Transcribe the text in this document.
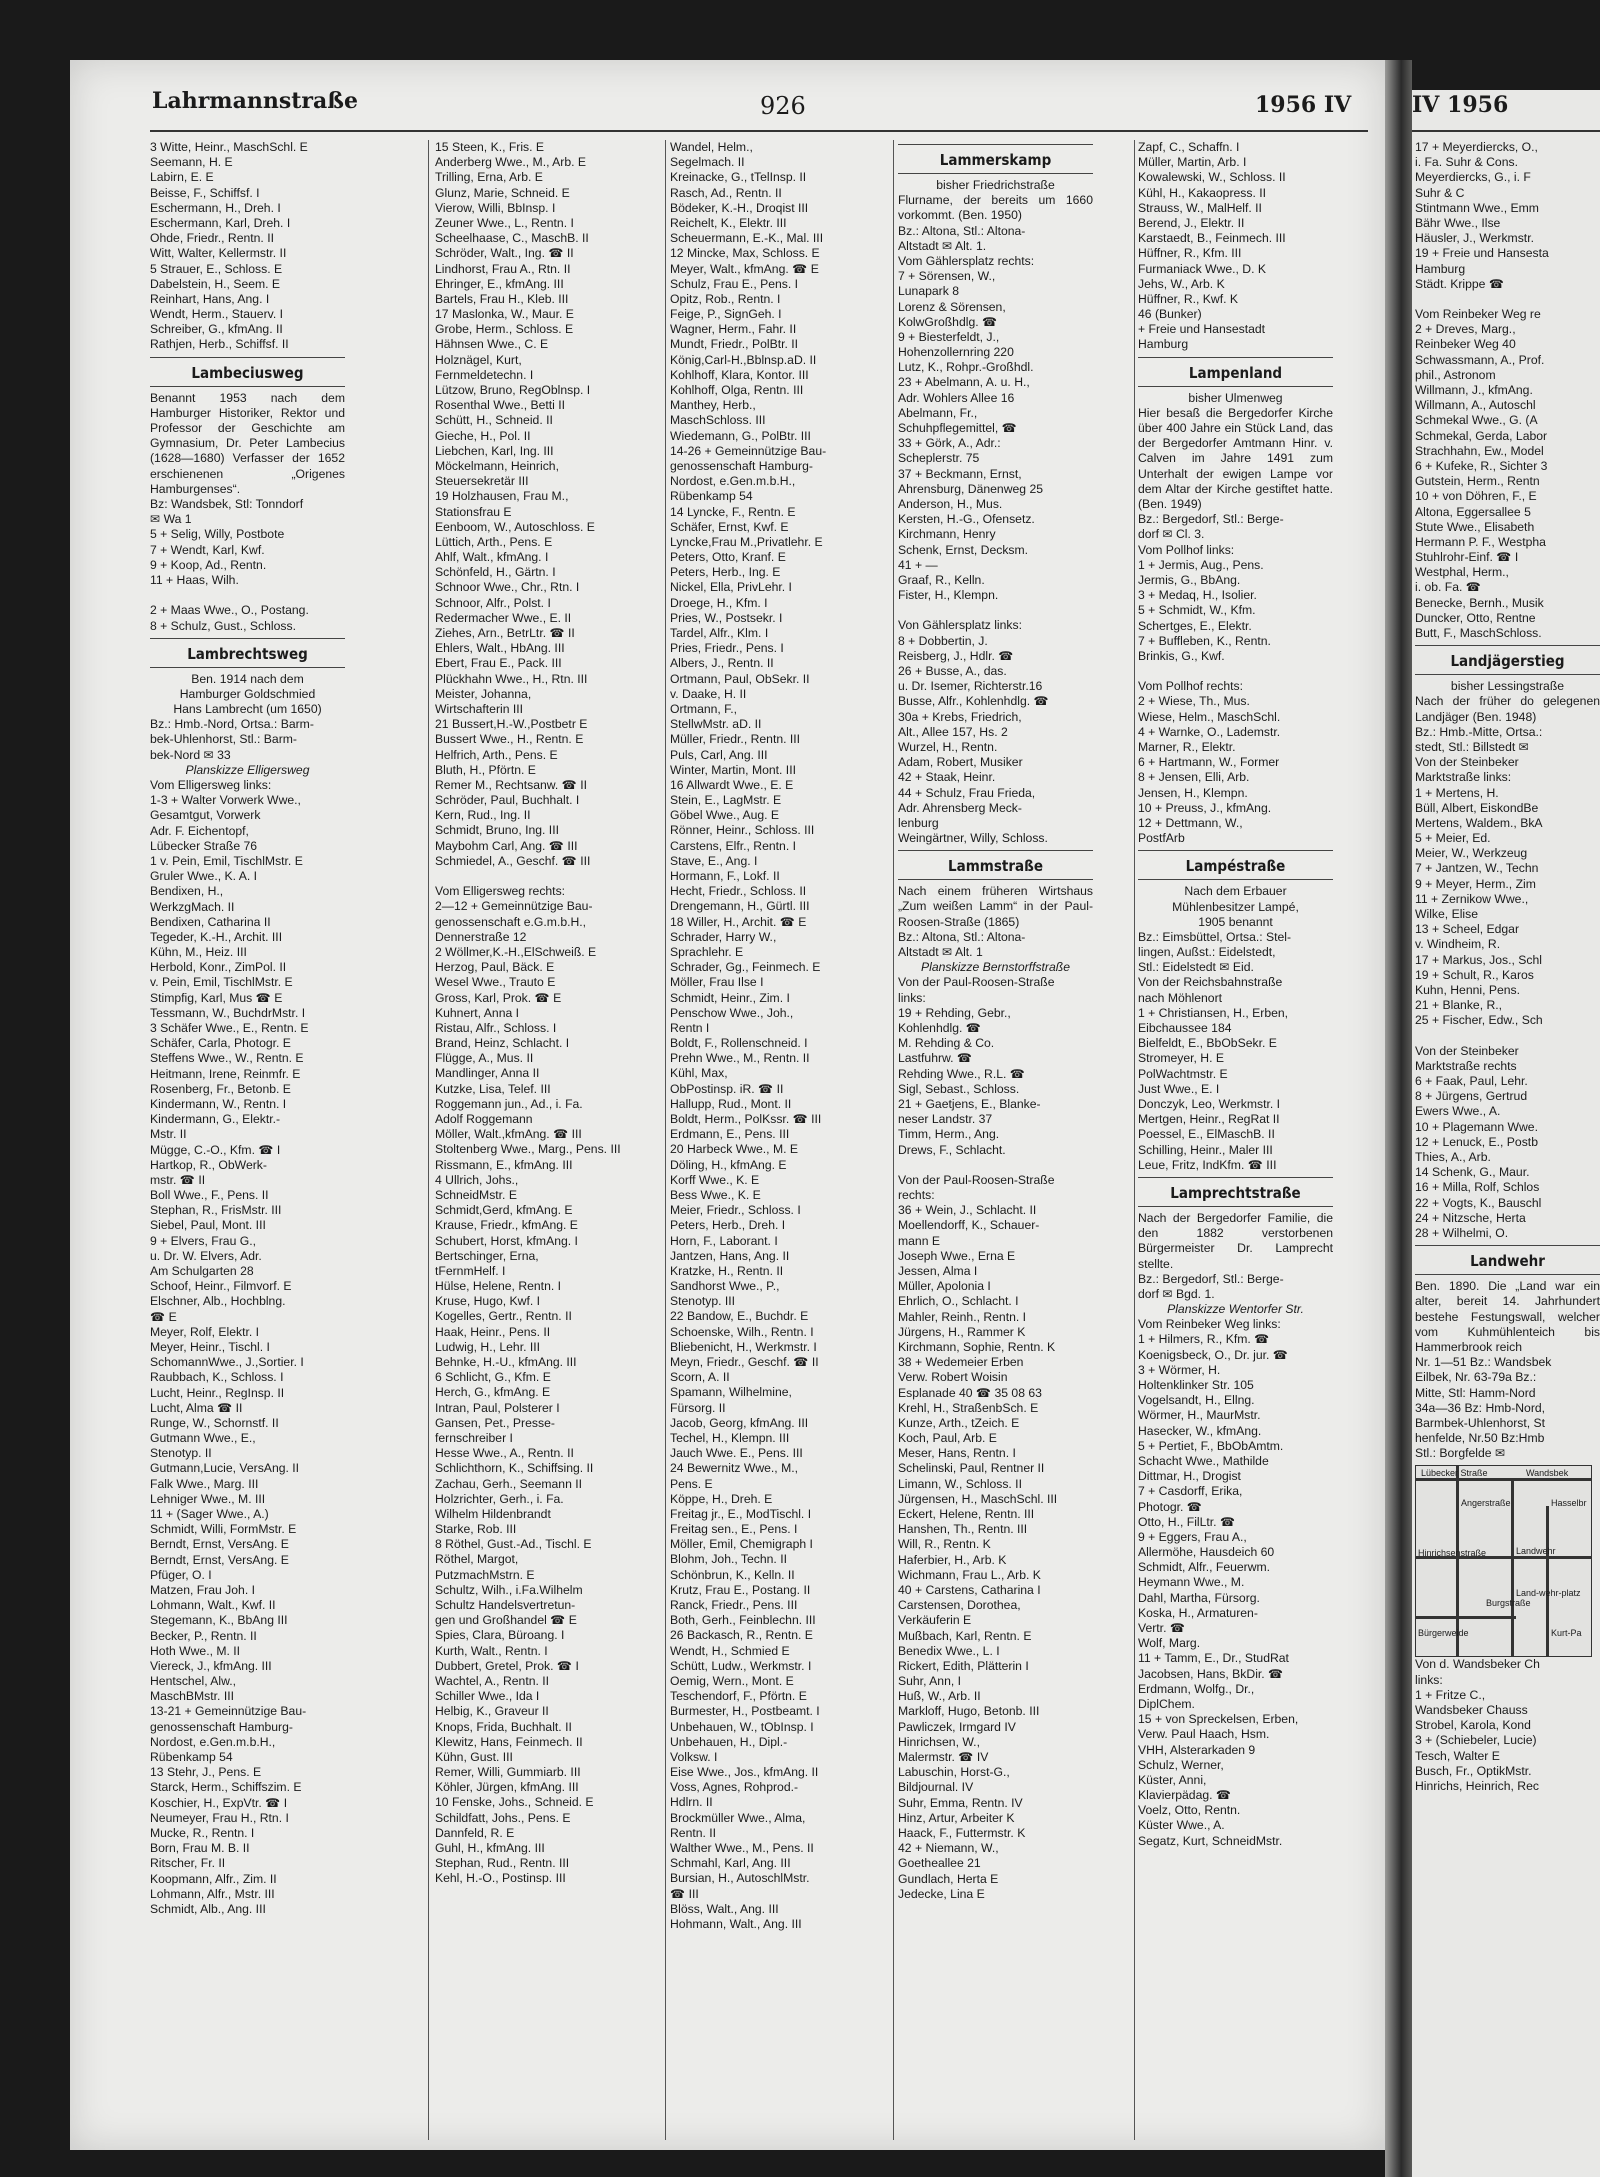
Lahrmannstraße	926	1956 IV	IV 1956
3 Witte, Heinr., MaschSchl. E
Seemann, H. E
Labirn, E. E
Beisse, F., Schiffsf. I
Eschermann, H., Dreh. I
Eschermann, Karl, Dreh. I
Ohde, Friedr., Rentn. II
Witt, Walter, Kellermstr. II
5 Strauer, E., Schloss. E
Dabelstein, H., Seem. E
Reinhart, Hans, Ang. I
Wendt, Herm., Stauerv. I
Schreiber, G., kfmAng. II
Rathjen, Herb., Schiffsf. II
Lambeciusweg
Benannt 1953 nach dem Hamburger Historiker, Rektor und Professor der Geschichte am Gymnasium, Dr. Peter Lambecius (1628—1680) Verfasser der 1652 erschienenen „Origenes Hamburgenses“.
Bz: Wandsbek, Stl: Tonndorf
✉ Wa 1
5 + Selig, Willy, Postbote
7 + Wendt, Karl, Kwf.
9 + Koop, Ad., Rentn.
11 + Haas, Wilh.
2 + Maas Wwe., O., Postang.
8 + Schulz, Gust., Schloss.
Lambrechtsweg
Ben. 1914 nach dem
Hamburger Goldschmied
Hans Lambrecht (um 1650)
Bz.: Hmb.-Nord, Ortsa.: Barm-
bek-Uhlenhorst, Stl.: Barm-
bek-Nord ✉ 33
Planskizze Elligersweg
Vom Elligersweg links:
1-3 + Walter Vorwerk Wwe.,
Gesamtgut, Vorwerk
Adr. F. Eichentopf,
Lübecker Straße 76
1 v. Pein, Emil, TischlMstr. E
Gruler Wwe., K. A. I
Bendixen, H.,
WerkzgMach. II
Bendixen, Catharina II
Tegeder, K.-H., Archit. III
Kühn, M., Heiz. III
Herbold, Konr., ZimPol. II
v. Pein, Emil, TischlMstr. E
Stimpfig, Karl, Mus ☎ E
Tessmann, W., BuchdrMstr. I
3 Schäfer Wwe., E., Rentn. E
Schäfer, Carla, Photogr. E
Steffens Wwe., W., Rentn. E
Heitmann, Irene, Reinmfr. E
Rosenberg, Fr., Betonb. E
Kindermann, W., Rentn. I
Kindermann, G., Elektr.-
Mstr. II
Mügge, C.-O., Kfm. ☎ I
Hartkop, R., ObWerk-
mstr. ☎ II
Boll Wwe., F., Pens. II
Stephan, R., FrisMstr. III
Siebel, Paul, Mont. III
9 + Elvers, Frau G.,
u. Dr. W. Elvers, Adr.
Am Schulgarten 28
Schoof, Heinr., Filmvorf. E
Elschner, Alb., Hochblng.
☎ E
Meyer, Rolf, Elektr. I
Meyer, Heinr., Tischl. I
SchomannWwe., J.,Sortier. I
Raubbach, K., Schloss. I
Lucht, Heinr., RegInsp. II
Lucht, Alma ☎ II
Runge, W., Schornstf. II
Gutmann Wwe., E.,
Stenotyp. II
Gutmann,Lucie, VersAng. II
Falk Wwe., Marg. III
Lehniger Wwe., M. III
11 + (Sager Wwe., A.)
Schmidt, Willi, FormMstr. E
Berndt, Ernst, VersAng. E
Berndt, Ernst, VersAng. E
Pfüger, O. I
Matzen, Frau Joh. I
Lohmann, Walt., Kwf. II
Stegemann, K., BbAng III
Becker, P., Rentn. II
Hoth Wwe., M. II
Viereck, J., kfmAng. III
Hentschel, Alw.,
MaschBMstr. III
13-21 + Gemeinnützige Bau-
genossenschaft Hamburg-
Nordost, e.Gen.m.b.H.,
Rübenkamp 54
13 Stehr, J., Pens. E
Starck, Herm., Schiffszim. E
Koschier, H., ExpVtr. ☎ I
Neumeyer, Frau H., Rtn. I
Mucke, R., Rentn. I
Born, Frau M. B. II
Ritscher, Fr. II
Koopmann, Alfr., Zim. II
Lohmann, Alfr., Mstr. III
Schmidt, Alb., Ang. III
15 Steen, K., Fris. E
Anderberg Wwe., M., Arb. E
Trilling, Erna, Arb. E
Glunz, Marie, Schneid. E
Vierow, Willi, BbInsp. I
Zeuner Wwe., L., Rentn. I
Scheelhaase, C., MaschB. II
Schröder, Walt., Ing. ☎ II
Lindhorst, Frau A., Rtn. II
Ehringer, E., kfmAng. III
Bartels, Frau H., Kleb. III
17 Maslonka, W., Maur. E
Grobe, Herm., Schloss. E
Hähnsen Wwe., C. E
Holznägel, Kurt,
Fernmeldetechn. I
Lützow, Bruno, RegOblnsp. I
Rosenthal Wwe., Betti II
Schütt, H., Schneid. II
Gieche, H., Pol. II
Liebchen, Karl, Ing. III
Möckelmann, Heinrich,
Steuersekretär III
19 Holzhausen, Frau M.,
Stationsfrau E
Eenboom, W., Autoschloss. E
Lüttich, Arth., Pens. E
Ahlf, Walt., kfmAng. I
Schönfeld, H., Gärtn. I
Schnoor Wwe., Chr., Rtn. I
Schnoor, Alfr., Polst. I
Redermacher Wwe., E. II
Ziehes, Arn., BetrLtr. ☎ II
Ehlers, Walt., HbAng. III
Ebert, Frau E., Pack. III
Plückhahn Wwe., H., Rtn. III
Meister, Johanna,
Wirtschafterin III
21 Bussert,H.-W.,Postbetr E
Bussert Wwe., H., Rentn. E
Helfrich, Arth., Pens. E
Bluth, H., Pförtn. E
Remer M., Rechtsanw. ☎ II
Schröder, Paul, Buchhalt. I
Kern, Rud., Ing. II
Schmidt, Bruno, Ing. III
Maybohm Carl, Ang. ☎ III
Schmiedel, A., Geschf. ☎ III
Vom Elligersweg rechts:
2—12 + Gemeinnützige Bau-
genossenschaft e.G.m.b.H.,
Dennerstraße 12
2 Wöllmer,K.-H.,ElSchweiß. E
Herzog, Paul, Bäck. E
Wesel Wwe., Trauto E
Gross, Karl, Prok. ☎ E
Kuhnert, Anna I
Ristau, Alfr., Schloss. I
Brand, Heinz, Schlacht. I
Flügge, A., Mus. II
Mandlinger, Anna II
Kutzke, Lisa, Telef. III
Roggemann jun., Ad., i. Fa.
Adolf Roggemann
Möller, Walt.,kfmAng. ☎ III
Stoltenberg Wwe., Marg., Pens. III
Rissmann, E., kfmAng. III
4 Ullrich, Johs.,
SchneidMstr. E
Schmidt,Gerd, kfmAng. E
Krause, Friedr., kfmAng. E
Schubert, Horst, kfmAng. I
Bertschinger, Erna,
tFernmHelf. I
Hülse, Helene, Rentn. I
Kruse, Hugo, Kwf. I
Kogelles, Gertr., Rentn. II
Haak, Heinr., Pens. II
Ludwig, H., Lehr. III
Behnke, H.-U., kfmAng. III
6 Schlicht, G., Kfm. E
Herch, G., kfmAng. E
Intran, Paul, Polsterer I
Gansen, Pet., Presse-
fernschreiber I
Hesse Wwe., A., Rentn. II
Schlichthorn, K., Schiffsing. II
Zachau, Gerh., Seemann II
Holzrichter, Gerh., i. Fa.
Wilhelm Hildenbrandt
Starke, Rob. III
8 Röthel, Gust.-Ad., Tischl. E
Röthel, Margot,
PutzmachMstrn. E
Schultz, Wilh., i.Fa.Wilhelm
Schultz Handelsvertretun-
gen und Großhandel ☎ E
Spies, Clara, Büroang. I
Kurth, Walt., Rentn. I
Dubbert, Gretel, Prok. ☎ I
Wachtel, A., Rentn. II
Schiller Wwe., Ida I
Helbig, K., Graveur II
Knops, Frida, Buchhalt. II
Klewitz, Hans, Feinmech. II
Kühn, Gust. III
Remer, Willi, Gummiarb. III
Köhler, Jürgen, kfmAng. III
10 Fenske, Johs., Schneid. E
Schildfatt, Johs., Pens. E
Dannfeld, R. E
Guhl, H., kfmAng. III
Stephan, Rud., Rentn. III
Kehl, H.-O., Postinsp. III
Wandel, Helm.,
Segelmach. II
Kreinacke, G., tTelInsp. II
Rasch, Ad., Rentn. II
Bödeker, K.-H., Droqist III
Reichelt, K., Elektr. III
Scheuermann, E.-K., Mal. III
12 Mincke, Max, Schloss. E
Meyer, Walt., kfmAng. ☎ E
Schulz, Frau E., Pens. I
Opitz, Rob., Rentn. I
Feige, P., SignGeh. I
Wagner, Herm., Fahr. II
Mundt, Friedr., PolBtr. II
König,Carl-H.,Bblnsp.aD. II
Kohlhoff, Klara, Kontor. III
Kohlhoff, Olga, Rentn. III
Manthey, Herb.,
MaschSchloss. III
Wiedemann, G., PolBtr. III
14-26 + Gemeinnützige Bau-
genossenschaft Hamburg-
Nordost, e.Gen.m.b.H.,
Rübenkamp 54
14 Lyncke, F., Rentn. E
Schäfer, Ernst, Kwf. E
Lyncke,Frau M.,Privatlehr. E
Peters, Otto, Kranf. E
Peters, Herb., Ing. E
Nickel, Ella, PrivLehr. I
Droege, H., Kfm. I
Pries, W., Postsekr. I
Tardel, Alfr., Klm. I
Pries, Friedr., Pens. I
Albers, J., Rentn. II
Ortmann, Paul, ObSekr. II
v. Daake, H. II
Ortmann, F.,
StellwMstr. aD. II
Müller, Friedr., Rentn. III
Puls, Carl, Ang. III
Winter, Martin, Mont. III
16 Allwardt Wwe., E. E
Stein, E., LagMstr. E
Göbel Wwe., Aug. E
Rönner, Heinr., Schloss. III
Carstens, Elfr., Rentn. I
Stave, E., Ang. I
Hormann, F., Lokf. II
Hecht, Friedr., Schloss. II
Drengemann, H., Gürtl. III
18 Willer, H., Archit. ☎ E
Schrader, Harry W.,
Sprachlehr. E
Schrader, Gg., Feinmech. E
Möller, Frau Ilse I
Schmidt, Heinr., Zim. I
Penschow Wwe., Joh.,
Rentn I
Boldt, F., Rollenschneid. I
Prehn Wwe., M., Rentn. II
Kühl, Max,
ObPostinsp. iR. ☎ II
Hallupp, Rud., Mont. II
Boldt, Herm., PolKssr. ☎ III
Erdmann, E., Pens. III
20 Harbeck Wwe., M. E
Döling, H., kfmAng. E
Korff Wwe., K. E
Bess Wwe., K. E
Meier, Friedr., Schloss. I
Peters, Herb., Dreh. I
Horn, F., Laborant. I
Jantzen, Hans, Ang. II
Kratzke, H., Rentn. II
Sandhorst Wwe., P.,
Stenotyp. III
22 Bandow, E., Buchdr. E
Schoenske, Wilh., Rentn. I
Bliebenicht, H., Werkmstr. I
Meyn, Friedr., Geschf. ☎ II
Scorn, A. II
Spamann, Wilhelmine,
Fürsorg. II
Jacob, Georg, kfmAng. III
Techel, H., Klempn. III
Jauch Wwe. E., Pens. III
24 Bewernitz Wwe., M.,
Pens. E
Köppe, H., Dreh. E
Freitag jr., E., ModTischl. I
Freitag sen., E., Pens. I
Möller, Emil, Chemigraph I
Blohm, Joh., Techn. II
Schönbrun, K., Kelln. II
Krutz, Frau E., Postang. II
Ranck, Friedr., Pens. III
Both, Gerh., Feinblechn. III
26 Backasch, R., Rentn. E
Wendt, H., Schmied E
Schütt, Ludw., Werkmstr. I
Oemig, Wern., Mont. E
Teschendorf, F., Pförtn. E
Burmester, H., Postbeamt. I
Unbehauen, W., tObInsp. I
Unbehauen, H., Dipl.-
Volksw. I
Eise Wwe., Jos., kfmAng. II
Voss, Agnes, Rohprod.-
Hdlrn. II
Brockmüller Wwe., Alma,
Rentn. II
Walther Wwe., M., Pens. II
Schmahl, Karl, Ang. III
Bursian, H., AutoschlMstr.
☎ III
Blöss, Walt., Ang. III
Hohmann, Walt., Ang. III
Lammerskamp
bisher Friedrichstraße
Flurname, der bereits um 1660 vorkommt. (Ben. 1950)
Bz.: Altona, Stl.: Altona-
Altstadt ✉ Alt. 1.
Vom Gählersplatz rechts:
7 + Sörensen, W.,
Lunapark 8
Lorenz & Sörensen,
KolwGroßhdlg. ☎
9 + Biesterfeldt, J.,
Hohenzollernring 220
Lutz, K., Rohpr.-Großhdl.
23 + Abelmann, A. u. H.,
Adr. Wohlers Allee 16
Abelmann, Fr.,
Schuhpflegemittel, ☎
33 + Görk, A., Adr.:
Scheplerstr. 75
37 + Beckmann, Ernst,
Ahrensburg, Dänenweg 25
Anderson, H., Mus.
Kersten, H.-G., Ofensetz.
Kirchmann, Henry
Schenk, Ernst, Decksm.
41 + —
Graaf, R., Kelln.
Fister, H., Klempn.
Von Gählersplatz links:
8 + Dobbertin, J.
Reisberg, J., Hdlr. ☎
26 + Busse, A., das.
u. Dr. Isemer, Richterstr.16
Busse, Alfr., Kohlenhdlg. ☎
30a + Krebs, Friedrich,
Alt., Allee 157, Hs. 2
Wurzel, H., Rentn.
Adam, Robert, Musiker
42 + Staak, Heinr.
44 + Schulz, Frau Frieda,
Adr. Ahrensberg Meck-
lenburg
Weingärtner, Willy, Schloss.
Lammstraße
Nach einem früheren Wirtshaus „Zum weißen Lamm“ in der Paul-Roosen-Straße (1865)
Bz.: Altona, Stl.: Altona-
Altstadt ✉ Alt. 1
Planskizze Bernstorffstraße
Von der Paul-Roosen-Straße
links:
19 + Rehding, Gebr.,
Kohlenhdlg. ☎
M. Rehding & Co.
Lastfuhrw. ☎
Rehding Wwe., R.L. ☎
Sigl, Sebast., Schloss.
21 + Gaetjens, E., Blanke-
neser Landstr. 37
Timm, Herm., Ang.
Drews, F., Schlacht.
Von der Paul-Roosen-Straße
rechts:
36 + Wein, J., Schlacht. II
Moellendorff, K., Schauer-
mann E
Joseph Wwe., Erna E
Jessen, Alma I
Müller, Apolonia I
Ehrlich, O., Schlacht. I
Mahler, Reinh., Rentn. I
Jürgens, H., Rammer K
Kirchmann, Sophie, Rentn. K
38 + Wedemeier Erben
Verw. Robert Woisin
Esplanade 40 ☎ 35 08 63
Krehl, H., StraßenbSch. E
Kunze, Arth., tZeich. E
Koch, Paul, Arb. E
Meser, Hans, Rentn. I
Schelinski, Paul, Rentner II
Limann, W., Schloss. II
Jürgensen, H., MaschSchl. III
Eckert, Helene, Rentn. III
Hanshen, Th., Rentn. III
Will, R., Rentn. K
Haferbier, H., Arb. K
Wichmann, Frau L., Arb. K
40 + Carstens, Catharina I
Carstensen, Dorothea,
Verkäuferin E
Mußbach, Karl, Rentn. E
Benedix Wwe., L. I
Rickert, Edith, Plätterin I
Suhr, Ann, I
Huß, W., Arb. II
Markloff, Hugo, Betonb. III
Pawliczek, Irmgard IV
Hinrichsen, W.,
Malermstr. ☎ IV
Labuschin, Horst-G.,
Bildjournal. IV
Suhr, Emma, Rentn. IV
Hinz, Artur, Arbeiter K
Haack, F., Futtermstr. K
42 + Niemann, W.,
Goetheallee 21
Gundlach, Herta E
Jedecke, Lina E
Zapf, C., Schaffn. I
Müller, Martin, Arb. I
Kowalewski, W., Schloss. II
Kühl, H., Kakaopress. II
Strauss, W., MalHelf. II
Berend, J., Elektr. II
Karstaedt, B., Feinmech. III
Hüffner, R., Kfm. III
Furmaniack Wwe., D. K
Jehs, W., Arb. K
Hüffner, R., Kwf. K
46 (Bunker)
+ Freie und Hansestadt
Hamburg
Lampenland
bisher Ulmenweg
Hier besaß die Bergedorfer Kirche über 400 Jahre ein Stück Land, das der Bergedorfer Amtmann Hinr. v. Calven im Jahre 1491 zum Unterhalt der ewigen Lampe vor dem Altar der Kirche gestiftet hatte. (Ben. 1949)
Bz.: Bergedorf, Stl.: Berge-
dorf ✉ Cl. 3.
Vom Pollhof links:
1 + Jermis, Aug., Pens.
Jermis, G., BbAng.
3 + Medaq, H., Isolier.
5 + Schmidt, W., Kfm.
Schertges, E., Elektr.
7 + Buffleben, K., Rentn.
Brinkis, G., Kwf.
Vom Pollhof rechts:
2 + Wiese, Th., Mus.
Wiese, Helm., MaschSchl.
4 + Warnke, O., Lademstr.
Marner, R., Elektr.
6 + Hartmann, W., Former
8 + Jensen, Elli, Arb.
Jensen, H., Klempn.
10 + Preuss, J., kfmAng.
12 + Dettmann, W.,
PostfArb
Lampéstraße
Nach dem Erbauer
Mühlenbesitzer Lampé,
1905 benannt
Bz.: Eimsbüttel, Ortsa.: Stel-
lingen, Außst.: Eidelstedt,
Stl.: Eidelstedt ✉ Eid.
Von der Reichsbahnstraße
nach Möhlenort
1 + Christiansen, H., Erben,
Eibchaussee 184
Bielfeldt, E., BbObSekr. E
Stromeyer, H. E
PolWachtmstr. E
Just Wwe., E. I
Donczyk, Leo, Werkmstr. I
Mertgen, Heinr., RegRat II
Poessel, E., ElMaschB. II
Schilling, Heinr., Maler III
Leue, Fritz, IndKfm. ☎ III
Lamprechtstraße
Nach der Bergedorfer Familie, die den 1882 verstorbenen Bürgermeister Dr. Lamprecht stellte.
Bz.: Bergedorf, Stl.: Berge-
dorf ✉ Bgd. 1.
Planskizze Wentorfer Str.
Vom Reinbeker Weg links:
1 + Hilmers, R., Kfm. ☎
Koenigsbeck, O., Dr. jur. ☎
3 + Wörmer, H.
Holtenklinker Str. 105
Vogelsandt, H., Ellng.
Wörmer, H., MaurMstr.
Hasecker, W., kfmAng.
5 + Pertiet, F., BbObAmtm.
Schacht Wwe., Mathilde
Dittmar, H., Drogist
7 + Casdorff, Erika,
Photogr. ☎
Otto, H., FilLtr. ☎
9 + Eggers, Frau A.,
Allermöhe, Hausdeich 60
Schmidt, Alfr., Feuerwm.
Heymann Wwe., M.
Dahl, Martha, Fürsorg.
Koska, H., Armaturen-
Vertr. ☎
Wolf, Marg.
11 + Tamm, E., Dr., StudRat
Jacobsen, Hans, BkDir. ☎
Erdmann, Wolfg., Dr.,
DiplChem.
15 + von Spreckelsen, Erben,
Verw. Paul Haach, Hsm.
VHH, Alsterarkaden 9
Schulz, Werner,
Küster, Anni,
Klavierpädag. ☎
Voelz, Otto, Rentn.
Küster Wwe., A.
Segatz, Kurt, SchneidMstr.
17 + Meyerdiercks, O.,
i. Fa. Suhr & Cons.
Meyerdiercks, G., i. F
Suhr & C
Stintmann Wwe., Emm
Bähr Wwe., Ilse
Häusler, J., Werkmstr.
19 + Freie und Hansesta
Hamburg
Städt. Krippe ☎
Vom Reinbeker Weg re
2 + Dreves, Marg.,
Reinbeker Weg 40
Schwassmann, A., Prof.
phil., Astronom
Willmann, J., kfmAng.
Willmann, A., Autoschl
Schmekal Wwe., G. (A
Schmekal, Gerda, Labor
Strachhahn, Ew., Model
6 + Kufeke, R., Sichter 3
Gutstein, Herm., Rentn
10 + von Döhren, F., E
Altona, Eggersallee 5
Stute Wwe., Elisabeth
Hermann P. F., Westpha
Stuhlrohr-Einf. ☎ I
Westphal, Herm.,
i. ob. Fa. ☎
Benecke, Bernh., Musik
Duncker, Otto, Rentne
Butt, F., MaschSchloss.
Landjägerstieg
bisher Lessingstraße
Nach der früher do gelegenen Landjäger (Ben. 1948)
Bz.: Hmb.-Mitte, Ortsa.:
stedt, Stl.: Billstedt ✉
Von der Steinbeker
Marktstraße links:
1 + Mertens, H.
Büll, Albert, EiskondBe
Mertens, Waldem., BkA
5 + Meier, Ed.
Meier, W., Werkzeug
7 + Jantzen, W., Techn
9 + Meyer, Herm., Zim
11 + Zernikow Wwe.,
Wilke, Elise
13 + Scheel, Edgar
v. Windheim, R.
17 + Markus, Jos., Schl
19 + Schult, R., Karos
Kuhn, Henni, Pens.
21 + Blanke, R.,
25 + Fischer, Edw., Sch
Von der Steinbeker
Marktstraße rechts
6 + Faak, Paul, Lehr.
8 + Jürgens, Gertrud
Ewers Wwe., A.
10 + Plagemann Wwe.
12 + Lenuck, E., Postb
Thies, A., Arb.
14 Schenk, G., Maur.
16 + Milla, Rolf, Schlos
22 + Vogts, K., Bauschl
24 + Nitzsche, Herta
28 + Wilhelmi, O.
Landwehr
Ben. 1890. Die „Land war ein alter, bereit 14. Jahrhundert bestehe Festungswall, welcher vom Kuhmühlenteich bis Hammerbrook reich
Nr. 1—51 Bz.: Wandsbek
Eilbek, Nr. 63-79a Bz.:
Mitte, Stl: Hamm-Nord
34a—36 Bz: Hmb-Nord,
Barmbek-Uhlenhorst, St
henfelde, Nr.50 Bz:Hmb
Stl.: Borgfelde ✉
Lübecker Straße	Wandsbek
Angerstraße	Hasselbr
Landwehr
Hinrichsenstraße
Land-wehr-platz
Bürgerweide
Burgstraße
Kurt-Pa
Von d. Wandsbeker Ch
links:
1 + Fritze C.,
Wandsbeker Chauss
Strobel, Karola, Kond
3 + (Schiebeler, Lucie)
Tesch, Walter E
Busch, Fr., OptikMstr.
Hinrichs, Heinrich, Rec
